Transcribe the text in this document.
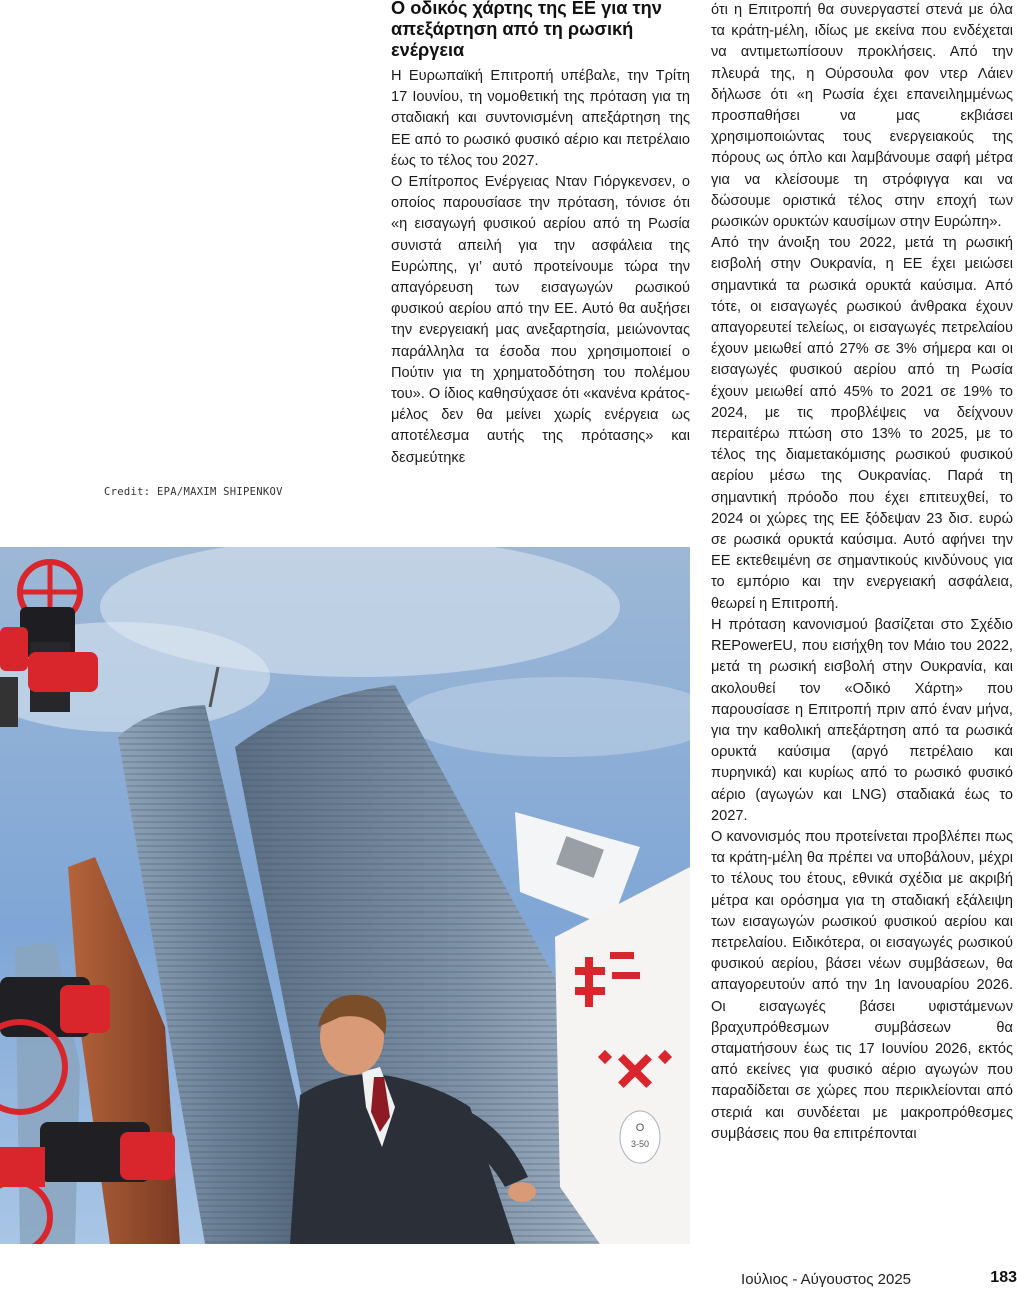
Ο οδικός χάρτης της ΕΕ για την απεξάρτηση από τη ρωσική ενέργεια
Credit: EPA/MAXIM SHIPENKOV

Η Ευρωπαϊκή Επιτροπή υπέβαλε, την Τρίτη 17 Ιουνίου, τη νομοθετική της πρόταση για τη σταδιακή και συντονισμένη απεξάρτηση της ΕΕ από το ρωσικό φυσικό αέριο και πετρέλαιο έως το τέλος του 2027.

Ο Επίτροπος Ενέργειας Νταν Γιόργκενσεν, ο οποίος παρουσίασε την πρόταση, τόνισε ότι «η εισαγωγή φυσικού αερίου από τη Ρωσία συνιστά απειλή για την ασφάλεια της Ευρώπης, γι’ αυτό προτείνουμε τώρα την απαγόρευση των εισαγωγών ρωσικού φυσικού αερίου από την ΕΕ. Αυτό θα αυξήσει την ενεργειακή μας ανεξαρτησία, μειώνοντας παράλληλα τα έσοδα που χρησιμοποιεί ο Πούτιν για τη χρηματοδότηση του πολέμου του». Ο ίδιος καθησύχασε ότι «κανένα κράτος-μέλος δεν θα μείνει χωρίς ενέργεια ως αποτέλεσμα αυτής της πρότασης» και δεσμεύτηκε

ότι η Επιτροπή θα συνεργαστεί στενά με όλα τα κράτη-μέλη, ιδίως με εκείνα που ενδέχεται να αντιμετωπίσουν προκλήσεις. Από την πλευρά της, η Ούρσουλα φον ντερ Λάιεν δήλωσε ότι «η Ρωσία έχει επανειλημμένως προσπαθήσει να μας εκβιάσει χρησιμοποιώντας τους ενεργειακούς της πόρους ως όπλο και λαμβάνουμε σαφή μέτρα για να κλείσουμε τη στρόφιγγα και να δώσουμε οριστικά τέλος στην εποχή των ρωσικών ορυκτών καυσίμων στην Ευρώπη».

Από την άνοιξη του 2022, μετά τη ρωσική εισβολή στην Ουκρανία, η ΕΕ έχει μειώσει σημαντικά τα ρωσικά ορυκτά καύσιμα. Από τότε, οι εισαγωγές ρωσικού άνθρακα έχουν απαγορευτεί τελείως, οι εισαγωγές πετρελαίου έχουν μειωθεί από 27% σε 3% σήμερα και οι εισαγωγές φυσικού αερίου από τη Ρωσία έχουν μειωθεί από 45% το 2021 σε 19% το 2024, με τις προβλέψεις να δείχνουν περαιτέρω πτώση στο 13% το 2025, με το τέλος της διαμετακόμισης ρωσικού φυσικού αερίου μέσω της Ουκρανίας. Παρά τη σημαντική πρόοδο που έχει επιτευχθεί, το 2024 οι χώρες της ΕΕ ξόδεψαν 23 δισ. ευρώ σε ρωσικά ορυκτά καύσιμα. Αυτό αφήνει την ΕΕ εκτεθειμένη σε σημαντικούς κινδύνους για το εμπόριο και την ενεργειακή ασφάλεια, θεωρεί η Επιτροπή.

Η πρόταση κανονισμού βασίζεται στο Σχέδιο REPowerEU, που εισήχθη τον Μάιο του 2022, μετά τη ρωσική εισβολή στην Ουκρανία, και ακολουθεί τον «Οδικό Χάρτη» που παρουσίασε η Επιτροπή πριν από έναν μήνα, για την καθολική απεξάρτηση από τα ρωσικά ορυκτά καύσιμα (αργό πετρέλαιο και πυρηνικά) και κυρίως από το ρωσικό φυσικό αέριο (αγωγών και LNG) σταδιακά έως το 2027.

Ο κανονισμός που προτείνεται προβλέπει πως τα κράτη-μέλη θα πρέπει να υποβάλουν, μέχρι το τέλους του έτους, εθνικά σχέδια με ακριβή μέτρα και ορόσημα για τη σταδιακή εξάλειψη των εισαγωγών ρωσικού φυσικού αερίου και πετρελαίου. Ειδικότερα, οι εισαγωγές ρωσικού φυσικού αερίου, βάσει νέων συμβάσεων, θα απαγορευτούν από την 1η Ιανουαρίου 2026. Οι εισαγωγές βάσει υφιστάμενων βραχυπρόθεσμων συμβάσεων θα σταματήσουν έως τις 17 Ιουνίου 2026, εκτός από εκείνες για φυσικό αέριο αγωγών που παραδίδεται σε χώρες που περικλείονται από στεριά και συνδέεται με μακροπρόθεσμες συμβάσεις που θα επιτρέπονται

O
3-50
Ιούλιος - Αύγουστος 2025	183
